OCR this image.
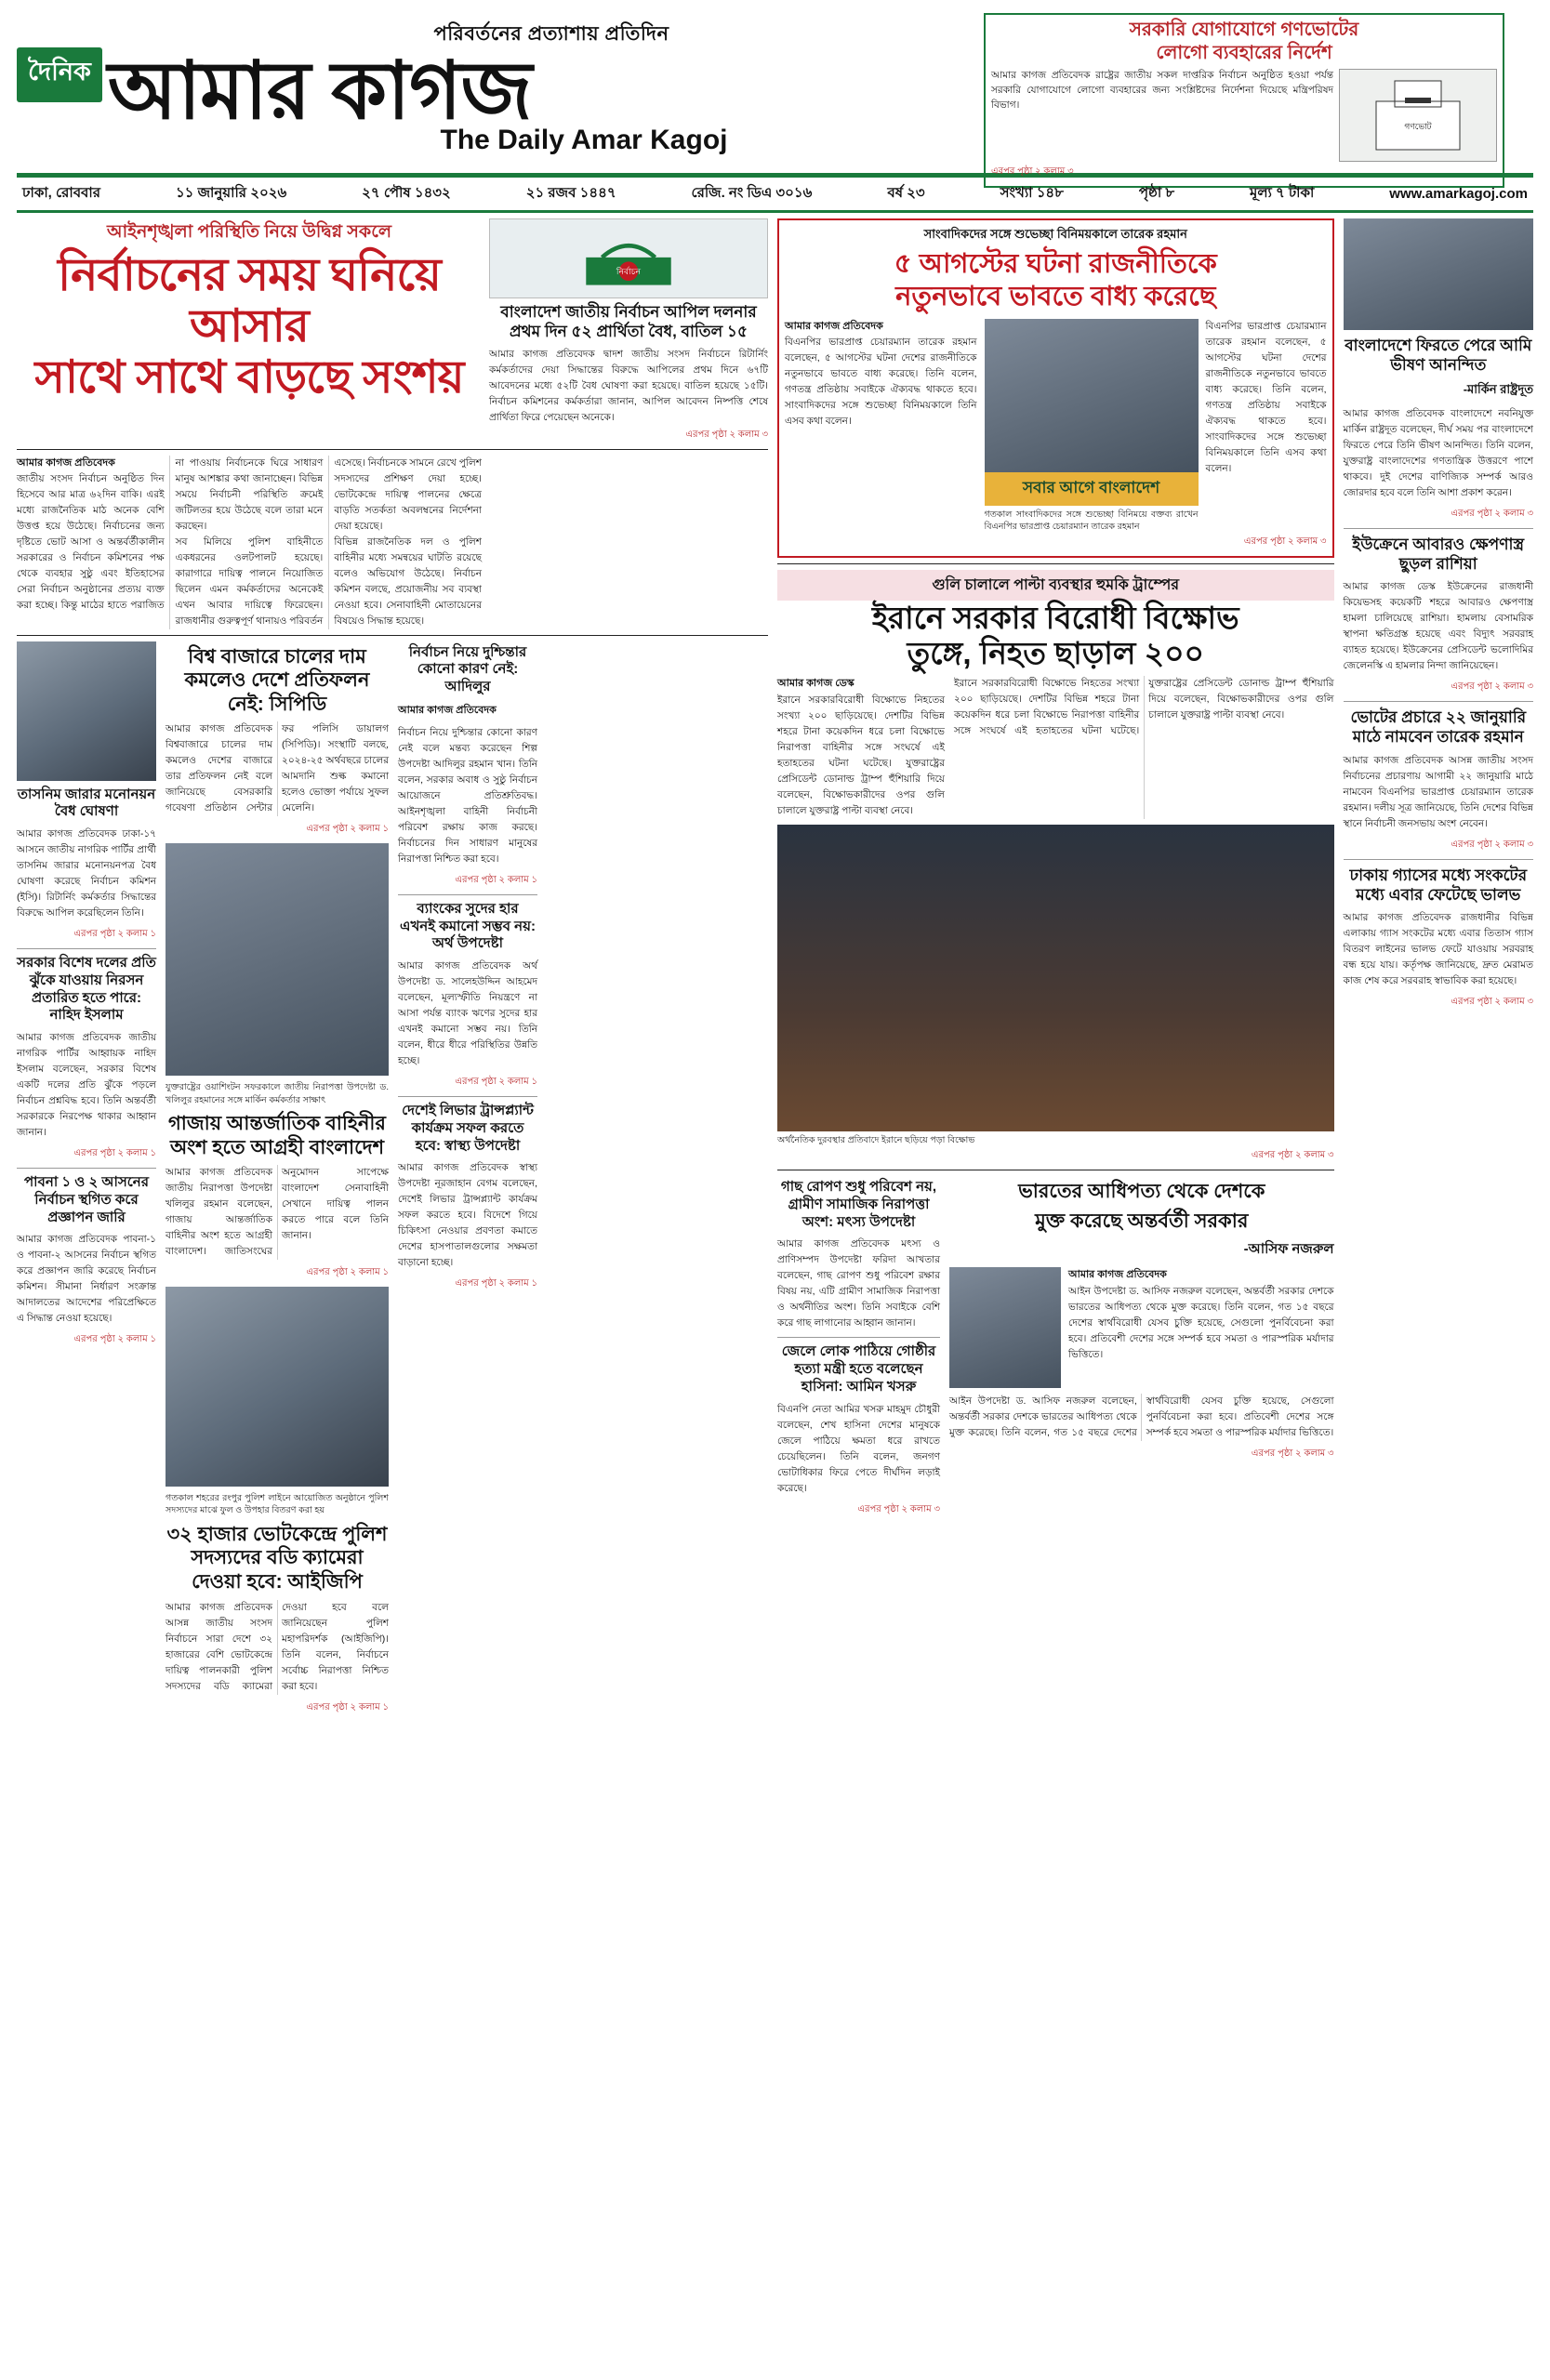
পরিবর্তনের প্রত্যাশায় প্রতিদিন
দৈনিক আমার কাগজ
The Daily Amar Kagoj
সরকারি যোগাযোগে গণভোটের
লোগো ব্যবহারের নির্দেশ
আমার কাগজ প্রতিবেদক রাষ্ট্রের জাতীয় সকল দাপ্তরিক নির্বাচন অনুষ্ঠিত হওয়া পর্যন্ত সরকারি যোগাযোগে লোগো ব্যবহারের জন্য সংশ্লিষ্টদের নির্দেশনা দিয়েছে মন্ত্রিপরিষদ বিভাগ।
গণভোট
এরপর পৃষ্ঠা ২ কলাম ৩
ঢাকা, রোববার	১১ জানুয়ারি ২০২৬	২৭ পৌষ ১৪৩২	২১ রজব ১৪৪৭	রেজি. নং ডিএ ৩০১৬	বর্ষ ২৩	সংখ্যা ১৪৮	পৃষ্ঠা ৮	মূল্য ৭ টাকা	www.amarkagoj.com
আইনশৃঙ্খলা পরিস্থিতি নিয়ে উদ্বিগ্ন সকলে
নির্বাচনের সময় ঘনিয়ে আসার
সাথে সাথে বাড়ছে সংশয়
নির্বাচন
বাংলাদেশ জাতীয় নির্বাচন আপিল দলনার প্রথম দিন ৫২ প্রার্থিতা বৈধ, বাতিল ১৫
আমার কাগজ প্রতিবেদক দ্বাদশ জাতীয় সংসদ নির্বাচনে রিটার্নিং কর্মকর্তাদের দেয়া সিদ্ধান্তের বিরুদ্ধে আপিলের প্রথম দিনে ৬৭টি আবেদনের মধ্যে ৫২টি বৈধ ঘোষণা করা হয়েছে। বাতিল হয়েছে ১৫টি। নির্বাচন কমিশনের কর্মকর্তারা জানান, আপিল আবেদন নিষ্পত্তি শেষে প্রার্থিতা ফিরে পেয়েছেন অনেকে।
এরপর পৃষ্ঠা ২ কলাম ৩
আমার কাগজ প্রতিবেদক
জাতীয় সংসদ নির্বাচন অনুষ্ঠিত দিন হিসেবে আর মাত্র ৬২দিন বাকি। এরই মধ্যে রাজনৈতিক মাঠ অনেক বেশি উত্তপ্ত হয়ে উঠেছে। নির্বাচনের জন্য দৃষ্টিতে ভোট আসা ও অন্তর্বর্তীকালীন সরকারের ও নির্বাচন কমিশনের পক্ষ থেকে ব্যবহার সুষ্ঠু এবং ইতিহাসের সেরা নির্বাচন অনুষ্ঠানের প্রত্যয় ব্যক্ত করা হচ্ছে। কিন্তু মাঠের হাতে পরাজিত না পাওয়ায় নির্বাচনকে ঘিরে সাধারণ মানুষ আশঙ্কার কথা জানাচ্ছেন। বিভিন্ন সময়ে নির্বাচনী পরিস্থিতি ক্রমেই জটিলতর হয়ে উঠেছে বলে তারা মনে করছেন।
সব মিলিয়ে পুলিশ বাহিনীতে একধরনের ওলটপালট হয়েছে। কারাগারে দায়িত্ব পালনে নিয়োজিত ছিলেন এমন কর্মকর্তাদের অনেকেই এখন আবার দায়িত্বে ফিরেছেন। রাজধানীর গুরুত্বপূর্ণ থানায়ও পরিবর্তন এসেছে। নির্বাচনকে সামনে রেখে পুলিশ সদস্যদের প্রশিক্ষণ দেয়া হচ্ছে। ভোটকেন্দ্রে দায়িত্ব পালনের ক্ষেত্রে বাড়তি সতর্কতা অবলম্বনের নির্দেশনা দেয়া হয়েছে।
বিভিন্ন রাজনৈতিক দল ও পুলিশ বাহিনীর মধ্যে সমন্বয়ের ঘাটতি রয়েছে বলেও অভিযোগ উঠেছে। নির্বাচন কমিশন বলছে, প্রয়োজনীয় সব ব্যবস্থা নেওয়া হবে। সেনাবাহিনী মোতায়েনের বিষয়েও সিদ্ধান্ত হয়েছে।
তাসনিম জারার মনোনয়ন বৈধ ঘোষণা
আমার কাগজ প্রতিবেদক ঢাকা-১৭ আসনে জাতীয় নাগরিক পার্টির প্রার্থী তাসনিম জারার মনোনয়নপত্র বৈধ ঘোষণা করেছে নির্বাচন কমিশন (ইসি)। রিটার্নিং কর্মকর্তার সিদ্ধান্তের বিরুদ্ধে আপিল করেছিলেন তিনি।
এরপর পৃষ্ঠা ২ কলাম ১
সরকার বিশেষ দলের প্রতি ঝুঁকে যাওয়ায় নিরসন প্রতারিত হতে পারে: নাহিদ ইসলাম
আমার কাগজ প্রতিবেদক জাতীয় নাগরিক পার্টির আহ্বায়ক নাহিদ ইসলাম বলেছেন, সরকার বিশেষ একটি দলের প্রতি ঝুঁকে পড়লে নির্বাচন প্রশ্নবিদ্ধ হবে। তিনি অন্তর্বর্তী সরকারকে নিরপেক্ষ থাকার আহ্বান জানান।
এরপর পৃষ্ঠা ২ কলাম ১
পাবনা ১ ও ২ আসনের নির্বাচন স্থগিত করে প্রজ্ঞাপন জারি
আমার কাগজ প্রতিবেদক পাবনা-১ ও পাবনা-২ আসনের নির্বাচন স্থগিত করে প্রজ্ঞাপন জারি করেছে নির্বাচন কমিশন। সীমানা নির্ধারণ সংক্রান্ত আদালতের আদেশের পরিপ্রেক্ষিতে এ সিদ্ধান্ত নেওয়া হয়েছে।
এরপর পৃষ্ঠা ২ কলাম ১
বিশ্ব বাজারে চালের দাম কমলেও দেশে প্রতিফলন নেই: সিপিডি
আমার কাগজ প্রতিবেদক বিশ্ববাজারে চালের দাম কমলেও দেশের বাজারে তার প্রতিফলন নেই বলে জানিয়েছে বেসরকারি গবেষণা প্রতিষ্ঠান সেন্টার ফর পলিসি ডায়ালগ (সিপিডি)। সংস্থাটি বলছে, ২০২৪-২৫ অর্থবছরে চালের আমদানি শুল্ক কমানো হলেও ভোক্তা পর্যায়ে সুফল মেলেনি।
এরপর পৃষ্ঠা ২ কলাম ১
যুক্তরাষ্ট্রের ওয়াশিংটন সফরকালে জাতীয় নিরাপত্তা উপদেষ্টা ড. খলিলুর রহমানের সঙ্গে মার্কিন কর্মকর্তার সাক্ষাৎ
গাজায় আন্তর্জাতিক বাহিনীর অংশ হতে আগ্রহী বাংলাদেশ
আমার কাগজ প্রতিবেদক জাতীয় নিরাপত্তা উপদেষ্টা খলিলুর রহমান বলেছেন, গাজায় আন্তর্জাতিক বাহিনীর অংশ হতে আগ্রহী বাংলাদেশ। জাতিসংঘের অনুমোদন সাপেক্ষে বাংলাদেশ সেনাবাহিনী সেখানে দায়িত্ব পালন করতে পারে বলে তিনি জানান।
এরপর পৃষ্ঠা ২ কলাম ১
গতকাল শহরের রংপুর পুলিশ লাইনে আয়োজিত অনুষ্ঠানে পুলিশ সদস্যদের মাঝে ফুল ও উপহার বিতরণ করা হয়
৩২ হাজার ভোটকেন্দ্রে পুলিশ সদস্যদের বডি ক্যামেরা দেওয়া হবে: আইজিপি
আমার কাগজ প্রতিবেদক আসন্ন জাতীয় সংসদ নির্বাচনে সারা দেশে ৩২ হাজারের বেশি ভোটকেন্দ্রে দায়িত্ব পালনকারী পুলিশ সদস্যদের বডি ক্যামেরা দেওয়া হবে বলে জানিয়েছেন পুলিশ মহাপরিদর্শক (আইজিপি)। তিনি বলেন, নির্বাচনে সর্বোচ্চ নিরাপত্তা নিশ্চিত করা হবে।
এরপর পৃষ্ঠা ২ কলাম ১
নির্বাচন নিয়ে দুশ্চিন্তার কোনো কারণ নেই: আদিলুর
আমার কাগজ প্রতিবেদক
নির্বাচন নিয়ে দুশ্চিন্তার কোনো কারণ নেই বলে মন্তব্য করেছেন শিল্প উপদেষ্টা আদিলুর রহমান খান। তিনি বলেন, সরকার অবাধ ও সুষ্ঠু নির্বাচন আয়োজনে প্রতিশ্রুতিবদ্ধ। আইনশৃঙ্খলা বাহিনী নির্বাচনী পরিবেশ রক্ষায় কাজ করছে। নির্বাচনের দিন সাধারণ মানুষের নিরাপত্তা নিশ্চিত করা হবে।
এরপর পৃষ্ঠা ২ কলাম ১
ব্যাংকের সুদের হার এখনই কমানো সম্ভব নয়: অর্থ উপদেষ্টা
আমার কাগজ প্রতিবেদক অর্থ উপদেষ্টা ড. সালেহউদ্দিন আহমেদ বলেছেন, মূল্যস্ফীতি নিয়ন্ত্রণে না আসা পর্যন্ত ব্যাংক ঋণের সুদের হার এখনই কমানো সম্ভব নয়। তিনি বলেন, ধীরে ধীরে পরিস্থিতির উন্নতি হচ্ছে।
এরপর পৃষ্ঠা ২ কলাম ১
দেশেই লিভার ট্রান্সপ্ল্যান্ট কার্যক্রম সফল করতে হবে: স্বাস্থ্য উপদেষ্টা
আমার কাগজ প্রতিবেদক স্বাস্থ্য উপদেষ্টা নূরজাহান বেগম বলেছেন, দেশেই লিভার ট্রান্সপ্ল্যান্ট কার্যক্রম সফল করতে হবে। বিদেশে গিয়ে চিকিৎসা নেওয়ার প্রবণতা কমাতে দেশের হাসপাতালগুলোর সক্ষমতা বাড়ানো হচ্ছে।
এরপর পৃষ্ঠা ২ কলাম ১
সাংবাদিকদের সঙ্গে শুভেচ্ছা বিনিময়কালে তারেক রহমান
৫ আগস্টের ঘটনা রাজনীতিকে
নতুনভাবে ভাবতে বাধ্য করেছে
আমার কাগজ প্রতিবেদক
বিএনপির ভারপ্রাপ্ত চেয়ারম্যান তারেক রহমান বলেছেন, ৫ আগস্টের ঘটনা দেশের রাজনীতিকে নতুনভাবে ভাবতে বাধ্য করেছে। তিনি বলেন, গণতন্ত্র প্রতিষ্ঠায় সবাইকে ঐক্যবদ্ধ থাকতে হবে। সাংবাদিকদের সঙ্গে শুভেচ্ছা বিনিময়কালে তিনি এসব কথা বলেন।
সবার আগে বাংলাদেশ
গতকাল সাংবাদিকদের সঙ্গে শুভেচ্ছা বিনিময়ে বক্তব্য রাখেন বিএনপির ভারপ্রাপ্ত চেয়ারম্যান তারেক রহমান
বিএনপির ভারপ্রাপ্ত চেয়ারম্যান তারেক রহমান বলেছেন, ৫ আগস্টের ঘটনা দেশের রাজনীতিকে নতুনভাবে ভাবতে বাধ্য করেছে। তিনি বলেন, গণতন্ত্র প্রতিষ্ঠায় সবাইকে ঐক্যবদ্ধ থাকতে হবে। সাংবাদিকদের সঙ্গে শুভেচ্ছা বিনিময়কালে তিনি এসব কথা বলেন।
এরপর পৃষ্ঠা ২ কলাম ৩
গুলি চালালে পাল্টা ব্যবস্থার হুমকি ট্রাম্পের
ইরানে সরকার বিরোধী বিক্ষোভ
তুঙ্গে, নিহত ছাড়াল ২০০
আমার কাগজ ডেস্ক
ইরানে সরকারবিরোধী বিক্ষোভে নিহতের সংখ্যা ২০০ ছাড়িয়েছে। দেশটির বিভিন্ন শহরে টানা কয়েকদিন ধরে চলা বিক্ষোভে নিরাপত্তা বাহিনীর সঙ্গে সংঘর্ষে এই হতাহতের ঘটনা ঘটেছে। যুক্তরাষ্ট্রের প্রেসিডেন্ট ডোনাল্ড ট্রাম্প হুঁশিয়ারি দিয়ে বলেছেন, বিক্ষোভকারীদের ওপর গুলি চালালে যুক্তরাষ্ট্র পাল্টা ব্যবস্থা নেবে।
ইরানে সরকারবিরোধী বিক্ষোভে নিহতের সংখ্যা ২০০ ছাড়িয়েছে। দেশটির বিভিন্ন শহরে টানা কয়েকদিন ধরে চলা বিক্ষোভে নিরাপত্তা বাহিনীর সঙ্গে সংঘর্ষে এই হতাহতের ঘটনা ঘটেছে। যুক্তরাষ্ট্রের প্রেসিডেন্ট ডোনাল্ড ট্রাম্প হুঁশিয়ারি দিয়ে বলেছেন, বিক্ষোভকারীদের ওপর গুলি চালালে যুক্তরাষ্ট্র পাল্টা ব্যবস্থা নেবে।
অর্থনৈতিক দুরবস্থার প্রতিবাদে ইরানে ছড়িয়ে পড়া বিক্ষোভ
এরপর পৃষ্ঠা ২ কলাম ৩
গাছ রোপণ শুধু পরিবেশ নয়, গ্রামীণ সামাজিক নিরাপত্তা অংশ: মৎস্য উপদেষ্টা
আমার কাগজ প্রতিবেদক মৎস্য ও প্রাণিসম্পদ উপদেষ্টা ফরিদা আখতার বলেছেন, গাছ রোপণ শুধু পরিবেশ রক্ষার বিষয় নয়, এটি গ্রামীণ সামাজিক নিরাপত্তা ও অর্থনীতির অংশ। তিনি সবাইকে বেশি করে গাছ লাগানোর আহ্বান জানান।
জেলে লোক পাঠিয়ে গোষ্ঠীর হত্যা মন্ত্রী হতে বলেছেন হাসিনা: আমিন খসরু
বিএনপি নেতা আমির খসরু মাহমুদ চৌধুরী বলেছেন, শেখ হাসিনা দেশের মানুষকে জেলে পাঠিয়ে ক্ষমতা ধরে রাখতে চেয়েছিলেন। তিনি বলেন, জনগণ ভোটাধিকার ফিরে পেতে দীর্ঘদিন লড়াই করেছে।
এরপর পৃষ্ঠা ২ কলাম ৩
ভারতের আধিপত্য থেকে দেশকে
মুক্ত করেছে অন্তর্বর্তী সরকার
-আসিফ নজরুল
আমার কাগজ প্রতিবেদক
আইন উপদেষ্টা ড. আসিফ নজরুল বলেছেন, অন্তর্বর্তী সরকার দেশকে ভারতের আধিপত্য থেকে মুক্ত করেছে। তিনি বলেন, গত ১৫ বছরে দেশের স্বার্থবিরোধী যেসব চুক্তি হয়েছে, সেগুলো পুনর্বিবেচনা করা হবে। প্রতিবেশী দেশের সঙ্গে সম্পর্ক হবে সমতা ও পারস্পরিক মর্যাদার ভিত্তিতে।
আইন উপদেষ্টা ড. আসিফ নজরুল বলেছেন, অন্তর্বর্তী সরকার দেশকে ভারতের আধিপত্য থেকে মুক্ত করেছে। তিনি বলেন, গত ১৫ বছরে দেশের স্বার্থবিরোধী যেসব চুক্তি হয়েছে, সেগুলো পুনর্বিবেচনা করা হবে। প্রতিবেশী দেশের সঙ্গে সম্পর্ক হবে সমতা ও পারস্পরিক মর্যাদার ভিত্তিতে।
এরপর পৃষ্ঠা ২ কলাম ৩
বাংলাদেশে ফিরতে পেরে আমি ভীষণ আনন্দিত
-মার্কিন রাষ্ট্রদূত
আমার কাগজ প্রতিবেদক বাংলাদেশে নবনিযুক্ত মার্কিন রাষ্ট্রদূত বলেছেন, দীর্ঘ সময় পর বাংলাদেশে ফিরতে পেরে তিনি ভীষণ আনন্দিত। তিনি বলেন, যুক্তরাষ্ট্র বাংলাদেশের গণতান্ত্রিক উত্তরণে পাশে থাকবে। দুই দেশের বাণিজ্যিক সম্পর্ক আরও জোরদার হবে বলে তিনি আশা প্রকাশ করেন।
এরপর পৃষ্ঠা ২ কলাম ৩
ইউক্রেনে আবারও ক্ষেপণাস্ত্র ছুড়ল রাশিয়া
আমার কাগজ ডেস্ক ইউক্রেনের রাজধানী কিয়েভসহ কয়েকটি শহরে আবারও ক্ষেপণাস্ত্র হামলা চালিয়েছে রাশিয়া। হামলায় বেসামরিক স্থাপনা ক্ষতিগ্রস্ত হয়েছে এবং বিদ্যুৎ সরবরাহ ব্যাহত হয়েছে। ইউক্রেনের প্রেসিডেন্ট ভলোদিমির জেলেনস্কি এ হামলার নিন্দা জানিয়েছেন।
এরপর পৃষ্ঠা ২ কলাম ৩
ভোটের প্রচারে ২২ জানুয়ারি মাঠে নামবেন তারেক রহমান
আমার কাগজ প্রতিবেদক আসন্ন জাতীয় সংসদ নির্বাচনের প্রচারণায় আগামী ২২ জানুয়ারি মাঠে নামবেন বিএনপির ভারপ্রাপ্ত চেয়ারম্যান তারেক রহমান। দলীয় সূত্র জানিয়েছে, তিনি দেশের বিভিন্ন স্থানে নির্বাচনী জনসভায় অংশ নেবেন।
এরপর পৃষ্ঠা ২ কলাম ৩
ঢাকায় গ্যাসের মধ্যে সংকটের মধ্যে এবার ফেটেছে ভালভ
আমার কাগজ প্রতিবেদক রাজধানীর বিভিন্ন এলাকায় গ্যাস সংকটের মধ্যে এবার তিতাস গ্যাস বিতরণ লাইনের ভালভ ফেটে যাওয়ায় সরবরাহ বন্ধ হয়ে যায়। কর্তৃপক্ষ জানিয়েছে, দ্রুত মেরামত কাজ শেষ করে সরবরাহ স্বাভাবিক করা হয়েছে।
এরপর পৃষ্ঠা ২ কলাম ৩
